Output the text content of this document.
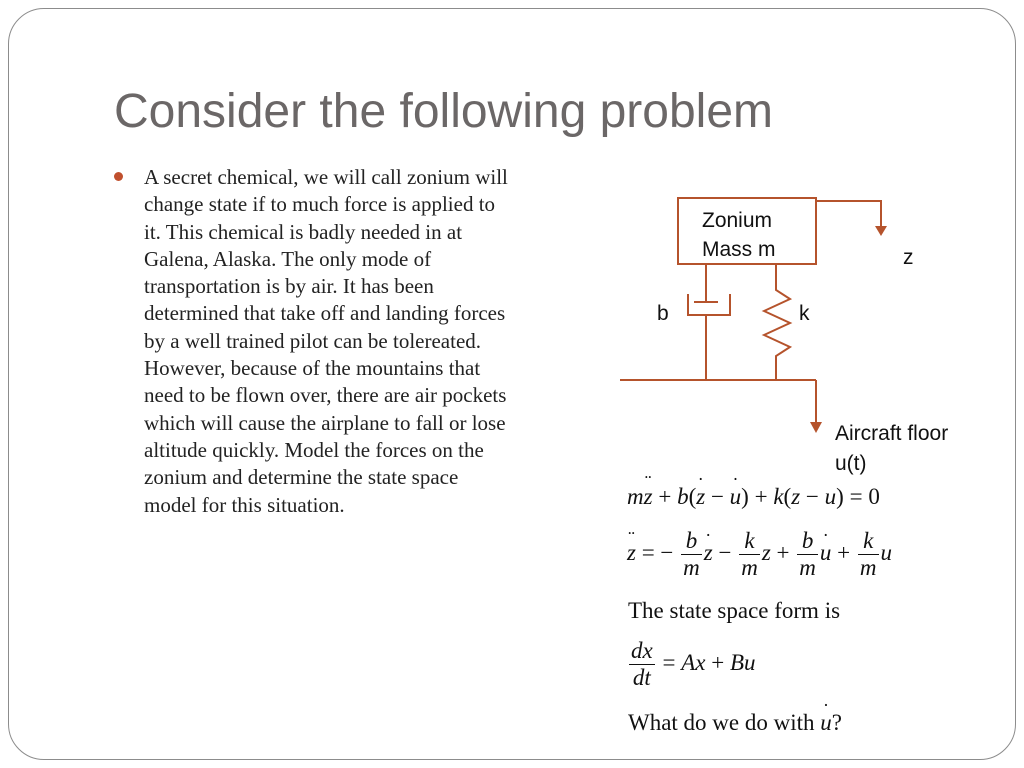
Consider the following problem
A secret chemical, we will call zonium will change state if to much force is applied to it. This chemical is badly needed in at Galena, Alaska. The only mode of transportation is by air. It has been determined that take off and landing forces by a well trained pilot can be tolereated. However, because of the mountains that need to be flown over, there are air pockets which will cause the airplane to fall or lose altitude quickly. Model the forces on the zonium and determine the state space model for this situation.
Zonium
Mass m	z
b	k
Aircraft floor
u(t)
mz ¨ + b(z ˙ − u ˙) + k(z − u) = 0
z ¨ = − $\frac{b}{m}$ z ˙ − $\frac{k}{m}$ $z + \frac{b}{m}$ u ˙ + $\frac{k}{m}$ u
The state space form is
$\frac{dx}{dt} = Ax + Bu$
What do we do with u ˙?
